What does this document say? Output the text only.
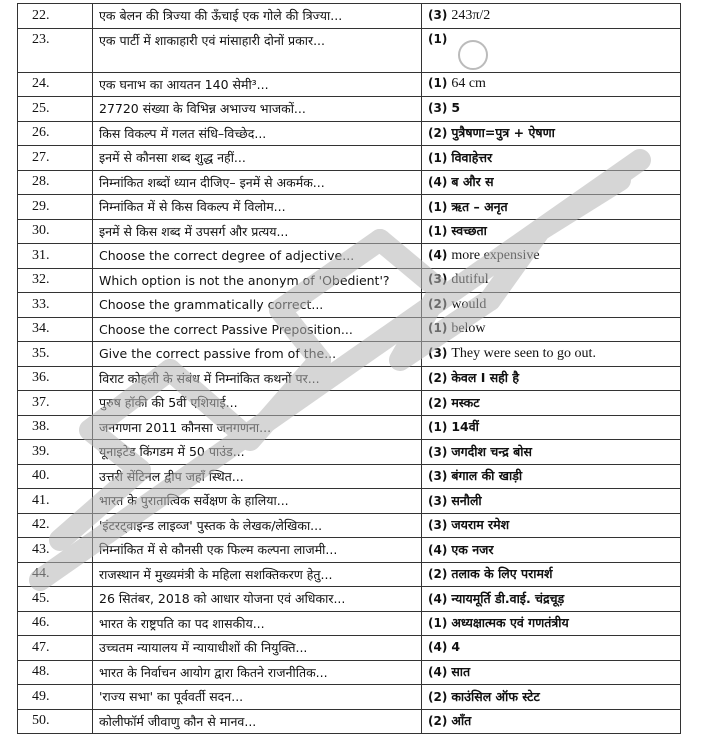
22.	एक बेलन की त्रिज्या की ऊँचाई एक गोले की त्रिज्या...	(3) 243π/2
23.	एक पार्टी में शाकाहारी एवं मांसाहारी दोनों प्रकार...	(1)
24.	एक घनाभ का आयतन 140 सेमी³...	(1) 64 cm
25.	27720 संख्या के विभिन्न अभाज्य भाजकों...	(3) 5
26.	किस विकल्प में गलत संधि–विच्छेद...	(2) पुत्रैषणा=पुत्र + ऐषणा
27.	इनमें से कौनसा शब्द शुद्ध नहीं...	(1) विवाहेत्तर
28.	निम्नांकित शब्दों ध्यान दीजिए– इनमें से अकर्मक...	(4) ब और स
29.	निम्नांकित में से किस विकल्प में विलोम...	(1) ऋत – अनृत
30.	इनमें से किस शब्द में उपसर्ग और प्रत्यय...	(1) स्वच्छता
31.	Choose the correct degree of adjective...	(4) more expensive
32.	Which option is not the anonym of 'Obedient'?	(3) dutiful
33.	Choose the grammatically correct...	(2) would
34.	Choose the correct Passive Preposition...	(1) below
35.	Give the correct passive from of the...	(3) They were seen to go out.
36.	विराट कोहली के संबंध में निम्नांकित कथनों पर...	(2) केवल I सही है
37.	पुरुष हॉकी की 5वीं एशियाई...	(2) मस्कट
38.	जनगणना 2011 कौनसा जनगणना...	(1) 14वीं
39.	यूनाइटेड किंगडम में 50 पाउंड...	(3) जगदीश चन्द्र बोस
40.	उत्तरी सेंटिनल द्वीप जहाँ स्थित...	(3) बंगाल की खाड़ी
41.	भारत के पुरातात्विक सर्वेक्षण के हालिया...	(3) सनौली
42.	'इंटरट्वाइन्ड लाइव्ज' पुस्तक के लेखक/लेखिका...	(3) जयराम रमेश
43.	निम्नांकित में से कौनसी एक फिल्म कल्पना लाजमी...	(4) एक नजर
44.	राजस्थान में मुख्यमंत्री के महिला सशक्तिकरण हेतु...	(2) तलाक के लिए परामर्श
45.	26 सितंबर, 2018 को आधार योजना एवं अधिकार...	(4) न्यायमूर्ति डी.वाई. चंद्रचूड़
46.	भारत के राष्ट्रपति का पद शासकीय...	(1) अध्यक्षात्मक एवं गणतंत्रीय
47.	उच्चतम न्यायालय में न्यायाधीशों की नियुक्ति...	(4) 4
48.	भारत के निर्वाचन आयोग द्वारा कितने राजनीतिक...	(4) सात
49.	'राज्य सभा' का पूर्ववर्ती सदन...	(2) काउंसिल ऑफ स्टेट
50.	कोलीफॉर्म जीवाणु कौन से मानव...	(2) आँत
